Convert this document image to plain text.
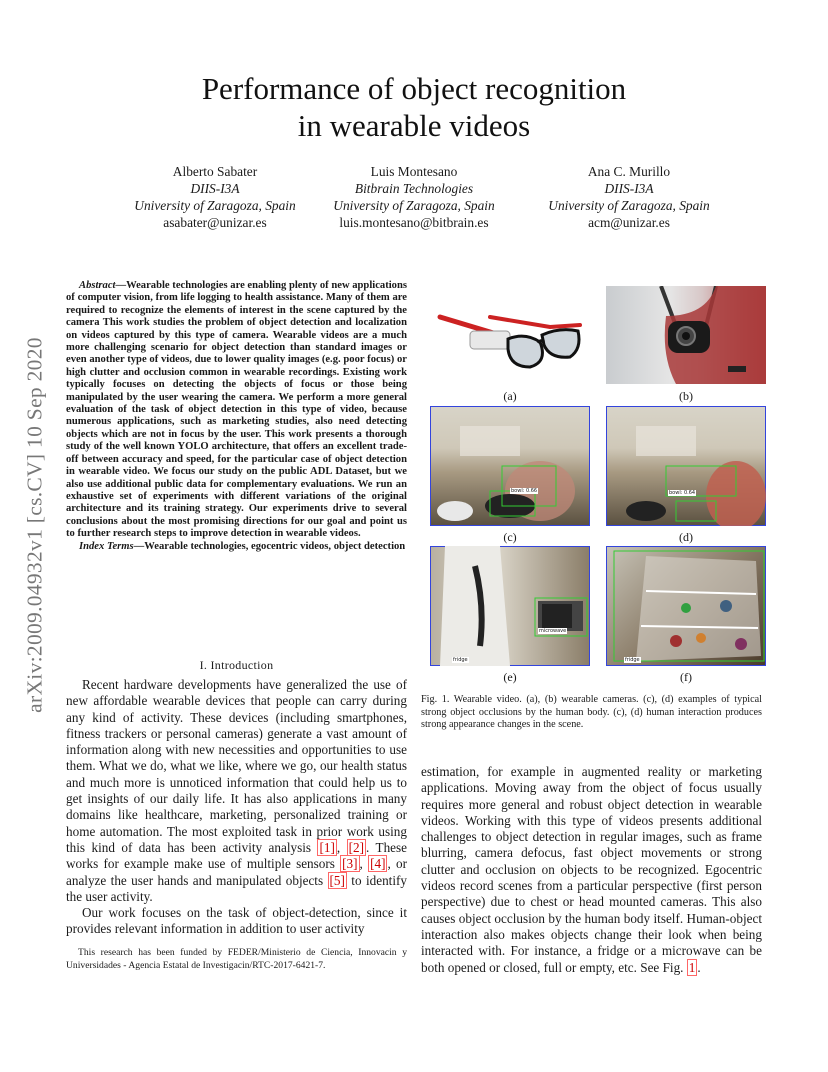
Performance of object recognition
in wearable videos
Alberto Sabater
DIIS-I3A
University of Zaragoza, Spain
asabater@unizar.es
Luis Montesano
Bitbrain Technologies
University of Zaragoza, Spain
luis.montesano@bitbrain.es
Ana C. Murillo
DIIS-I3A
University of Zaragoza, Spain
acm@unizar.es
arXiv:2009.04932v1 [cs.CV] 10 Sep 2020

Abstract—Wearable technologies are enabling plenty of new applications of computer vision, from life logging to health assistance. Many of them are required to recognize the elements of interest in the scene captured by the camera This work studies the problem of object detection and localization on videos captured by this type of camera. Wearable videos are a much more challenging scenario for object detection than standard images or even another type of videos, due to lower quality images (e.g. poor focus) or high clutter and occlusion common in wearable recordings. Existing work typically focuses on detecting the objects of focus or those being manipulated by the user wearing the camera. We perform a more general evaluation of the task of object detection in this type of video, because numerous applications, such as marketing studies, also need detecting objects which are not in focus by the user. This work presents a thorough study of the well known YOLO architecture, that offers an excellent trade-off between accuracy and speed, for the particular case of object detection in wearable video. We focus our study on the public ADL Dataset, but we also use additional public data for complementary evaluations. We run an exhaustive set of experiments with different variations of the original architecture and its training strategy. Our experiments drive to several conclusions about the most promising directions for our goal and point us to further research steps to improve detection in wearable videos.

Index Terms—Wearable technologies, egocentric videos, object detection

I. Introduction

Recent hardware developments have generalized the use of new affordable wearable devices that people can carry during any kind of activity. These devices (including smartphones, fitness trackers or personal cameras) generate a vast amount of information along with new necessities and opportunities to use them. What we do, what we like, where we go, our health status and much more is unnoticed information that could help us to get insights of our daily life. It has also applications in many domains like healthcare, marketing, personalized training or home automation. The most exploited task in prior work using this kind of data has been activity analysis [1] , [2] . These works for example make use of multiple sensors [3] , [4] , or analyze the user hands and manipulated objects [5] to identify the user activity.

Our work focuses on the task of object-detection, since it provides relevant information in addition to user activity

This research has been funded by FEDER/Ministerio de Ciencia, Innovacin y Universidades - Agencia Estatal de Investigacin/RTC-2017-6421-7.
bowl: 0.66	bowl: 0.64
microwave
fridge	fridge
(a)	(b)
(c)	(d)
(e)	(f)
Fig. 1. Wearable video. (a), (b) wearable cameras. (c), (d) examples of typical strong object occlusions by the human body. (c), (d) human interaction produces strong appearance changes in the scene.
estimation, for example in augmented reality or marketing applications. Moving away from the object of focus usually requires more general and robust object detection in wearable videos. Working with this type of videos presents additional challenges to object detection in regular images, such as frame blurring, camera defocus, fast object movements or strong clutter and occlusion on objects to be recognized. Egocentric videos record scenes from a particular perspective (first person perspective) due to chest or head mounted cameras. This also causes object occlusion by the human body itself. Human-object interaction also makes objects change their look when being interacted with. For instance, a fridge or a microwave can be both opened or closed, full or empty, etc. See Fig. 1 .
